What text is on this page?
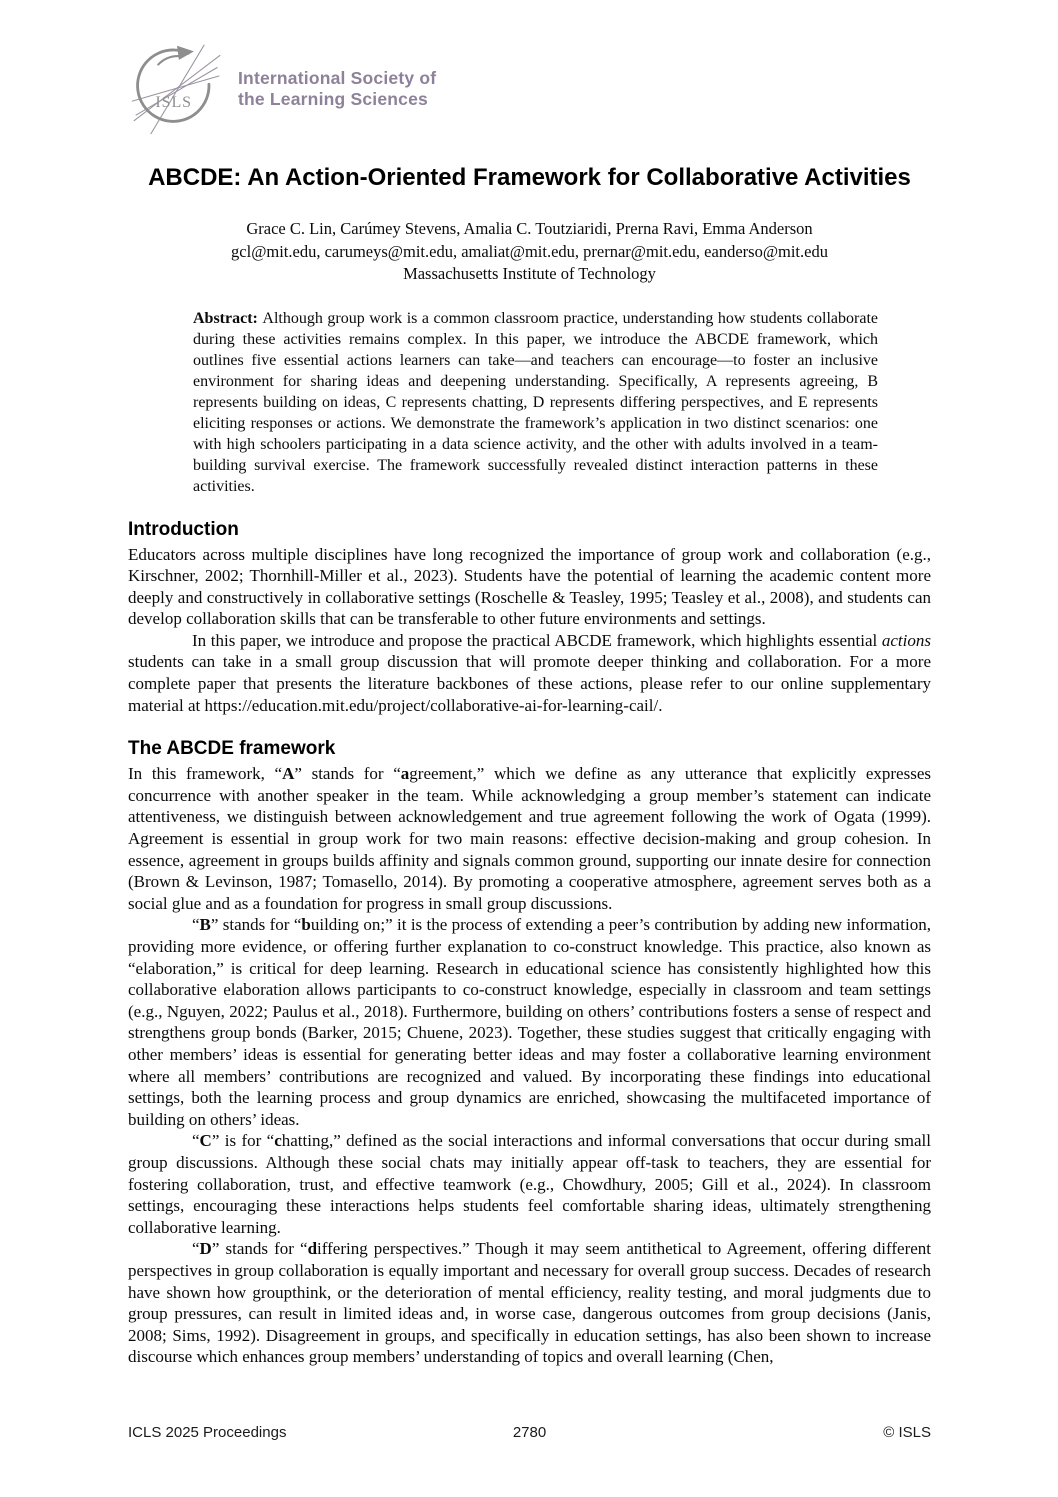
ISLS
International Society of
the Learning Sciences
ABCDE: An Action-Oriented Framework for Collaborative Activities
Grace C. Lin, Carúmey Stevens, Amalia C. Toutziaridi, Prerna Ravi, Emma Anderson
gcl@mit.edu, carumeys@mit.edu, amaliat@mit.edu, prernar@mit.edu, eanderso@mit.edu
Massachusetts Institute of Technology

Abstract: Although group work is a common classroom practice, understanding how students collaborate during these activities remains complex. In this paper, we introduce the ABCDE framework, which outlines five essential actions learners can take—and teachers can encourage—to foster an inclusive environment for sharing ideas and deepening understanding. Specifically, A represents agreeing, B represents building on ideas, C represents chatting, D represents differing perspectives, and E represents eliciting responses or actions. We demonstrate the framework’s application in two distinct scenarios: one with high schoolers participating in a data science activity, and the other with adults involved in a team-building survival exercise. The framework successfully revealed distinct interaction patterns in these activities.

Introduction

Educators across multiple disciplines have long recognized the importance of group work and collaboration (e.g., Kirschner, 2002; Thornhill-Miller et al., 2023). Students have the potential of learning the academic content more deeply and constructively in collaborative settings (Roschelle & Teasley, 1995; Teasley et al., 2008), and students can develop collaboration skills that can be transferable to other future environments and settings.

In this paper, we introduce and propose the practical ABCDE framework, which highlights essential actions students can take in a small group discussion that will promote deeper thinking and collaboration. For a more complete paper that presents the literature backbones of these actions, please refer to our online supplementary material at https://education.mit.edu/project/collaborative-ai-for-learning-cail/.

The ABCDE framework

In this framework, “A” stands for “agreement,” which we define as any utterance that explicitly expresses concurrence with another speaker in the team. While acknowledging a group member’s statement can indicate attentiveness, we distinguish between acknowledgement and true agreement following the work of Ogata (1999). Agreement is essential in group work for two main reasons: effective decision-making and group cohesion. In essence, agreement in groups builds affinity and signals common ground, supporting our innate desire for connection (Brown & Levinson, 1987; Tomasello, 2014). By promoting a cooperative atmosphere, agreement serves both as a social glue and as a foundation for progress in small group discussions.

“B” stands for “building on;” it is the process of extending a peer’s contribution by adding new information, providing more evidence, or offering further explanation to co-construct knowledge. This practice, also known as “elaboration,” is critical for deep learning. Research in educational science has consistently highlighted how this collaborative elaboration allows participants to co-construct knowledge, especially in classroom and team settings (e.g., Nguyen, 2022; Paulus et al., 2018). Furthermore, building on others’ contributions fosters a sense of respect and strengthens group bonds (Barker, 2015; Chuene, 2023). Together, these studies suggest that critically engaging with other members’ ideas is essential for generating better ideas and may foster a collaborative learning environment where all members’ contributions are recognized and valued. By incorporating these findings into educational settings, both the learning process and group dynamics are enriched, showcasing the multifaceted importance of building on others’ ideas.

“C” is for “chatting,” defined as the social interactions and informal conversations that occur during small group discussions. Although these social chats may initially appear off-task to teachers, they are essential for fostering collaboration, trust, and effective teamwork (e.g., Chowdhury, 2005; Gill et al., 2024). In classroom settings, encouraging these interactions helps students feel comfortable sharing ideas, ultimately strengthening collaborative learning.

“D” stands for “differing perspectives.” Though it may seem antithetical to Agreement, offering different perspectives in group collaboration is equally important and necessary for overall group success. Decades of research have shown how groupthink, or the deterioration of mental efficiency, reality testing, and moral judgments due to group pressures, can result in limited ideas and, in worse case, dangerous outcomes from group decisions (Janis, 2008; Sims, 1992). Disagreement in groups, and specifically in education settings, has also been shown to increase discourse which enhances group members’ understanding of topics and overall learning (Chen,

ICLS 2025 Proceedings	2780	© ISLS
